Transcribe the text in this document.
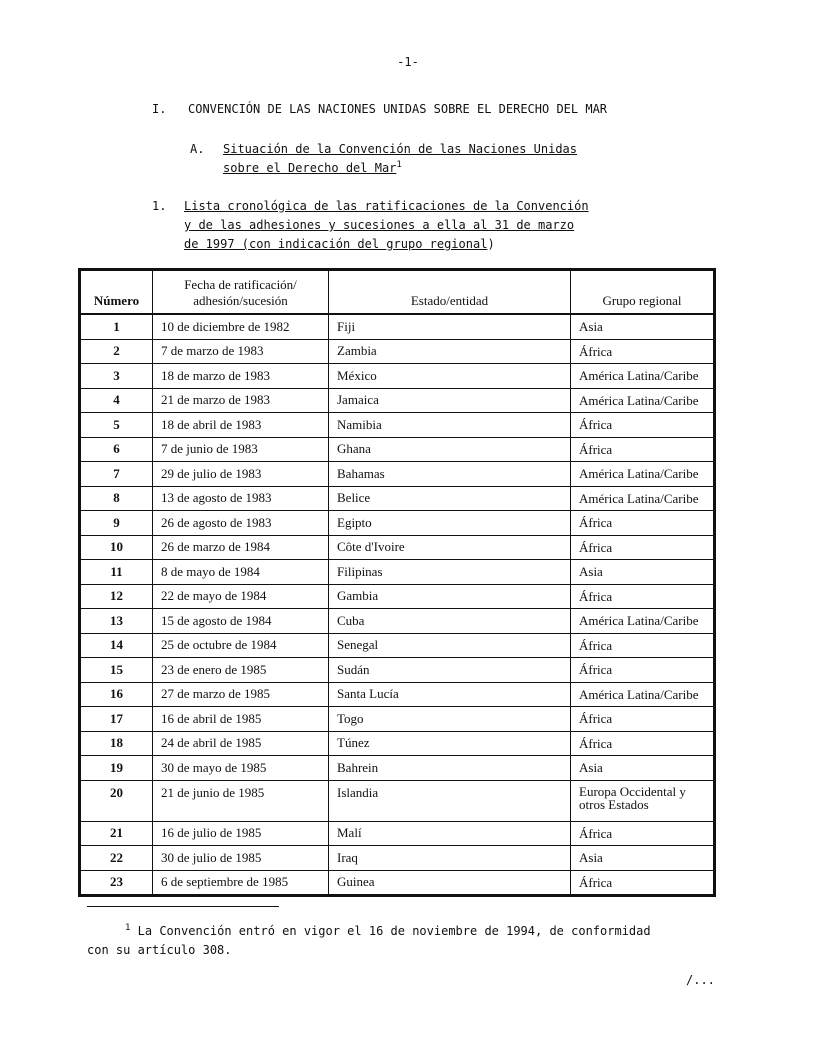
-1-
I. CONVENCIÓN DE LAS NACIONES UNIDAS SOBRE EL DERECHO DEL MAR
A. Situación de la Convención de las Naciones Unidas
sobre el Derecho del Mar$^1$
1. Lista cronológica de las ratificaciones de la Convención
y de las adhesiones y sucesiones a ella al 31 de marzo
de 1997 (con indicación del grupo regional)
Número	Fecha de ratificación/ adhesión/sucesión	Estado/entidad	Grupo regional
1	10 de diciembre de 1982	Fiji	Asia
2	7 de marzo de 1983	Zambia	África
3	18 de marzo de 1983	México	América Latina/Caribe
4	21 de marzo de 1983	Jamaica	América Latina/Caribe
5	18 de abril de 1983	Namibia	África
6	7 de junio de 1983	Ghana	África
7	29 de julio de 1983	Bahamas	América Latina/Caribe
8	13 de agosto de 1983	Belice	América Latina/Caribe
9	26 de agosto de 1983	Egipto	África
10	26 de marzo de 1984	Côte d'Ivoire	África
11	8 de mayo de 1984	Filipinas	Asia
12	22 de mayo de 1984	Gambia	África
13	15 de agosto de 1984	Cuba	América Latina/Caribe
14	25 de octubre de 1984	Senegal	África
15	23 de enero de 1985	Sudán	África
16	27 de marzo de 1985	Santa Lucía	América Latina/Caribe
17	16 de abril de 1985	Togo	África
18	24 de abril de 1985	Túnez	África
19	30 de mayo de 1985	Bahrein	Asia
20	21 de junio de 1985	Islandia	Europa Occidental y otros Estados
21	16 de julio de 1985	Malí	África
22	30 de julio de 1985	Iraq	Asia
23	6 de septiembre de 1985	Guinea	África
$^1$ La Convención entró en vigor el 16 de noviembre de 1994, de conformidad
con su artículo 308.
/...
